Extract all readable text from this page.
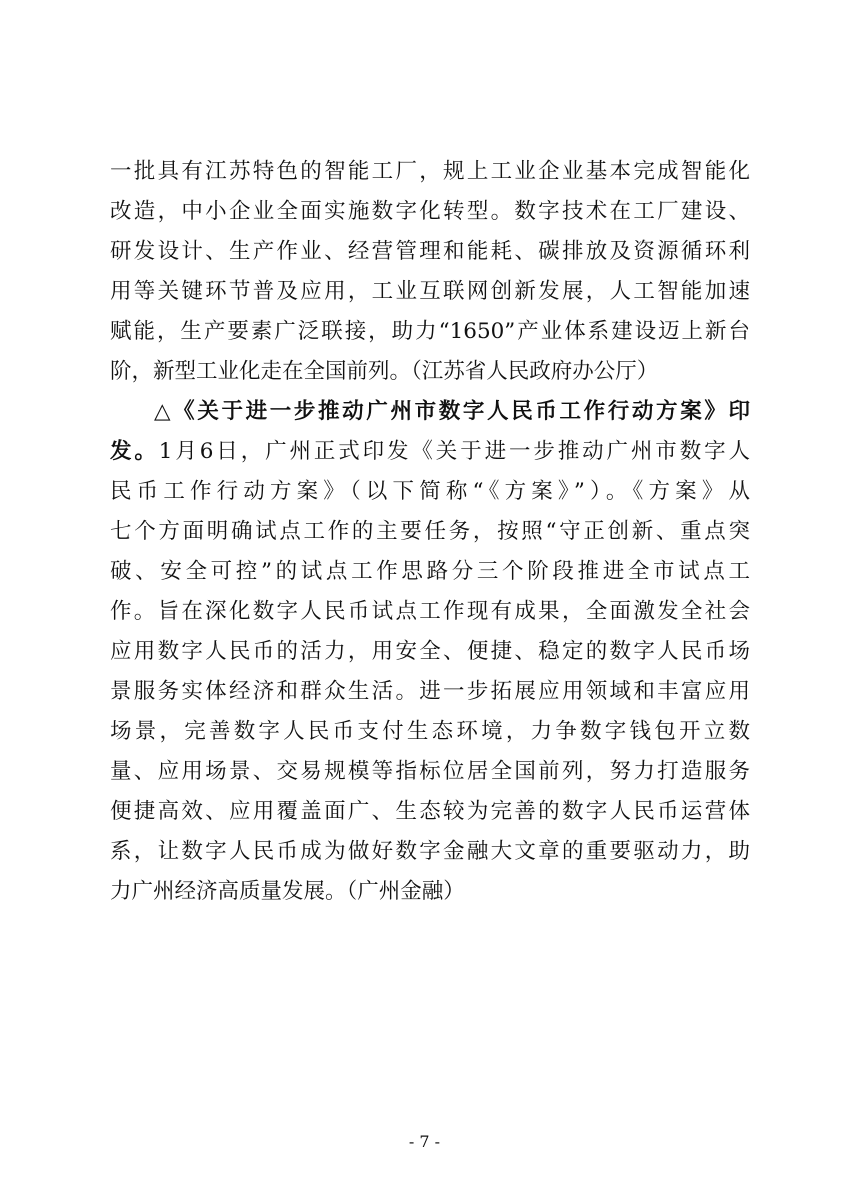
一批具有江苏特色的智能工厂，规上工业企业基本完成智能化
改造，中小企业全面实施数字化转型。数字技术在工厂建设、
研发设计、生产作业、经营管理和能耗、碳排放及资源循环利
用等关键环节普及应用，工业互联网创新发展，人工智能加速
赋能，生产要素广泛联接，助力“1650”产业体系建设迈上新台
阶，新型工业化走在全国前列。（江苏省人民政府办公厅）
△《关于进一步推动广州市数字人民币工作行动方案》印
发。1月6日，广州正式印发《关于进一步推动广州市数字人
民币工作行动方案》（以下简称“《方案》”）。《方案》从
七个方面明确试点工作的主要任务，按照“守正创新、重点突
破、安全可控”的试点工作思路分三个阶段推进全市试点工
作。旨在深化数字人民币试点工作现有成果，全面激发全社会
应用数字人民币的活力，用安全、便捷、稳定的数字人民币场
景服务实体经济和群众生活。进一步拓展应用领域和丰富应用
场景，完善数字人民币支付生态环境，力争数字钱包开立数
量、应用场景、交易规模等指标位居全国前列，努力打造服务
便捷高效、应用覆盖面广、生态较为完善的数字人民币运营体
系，让数字人民币成为做好数字金融大文章的重要驱动力，助
力广州经济高质量发展。（广州金融）
- 7 -
